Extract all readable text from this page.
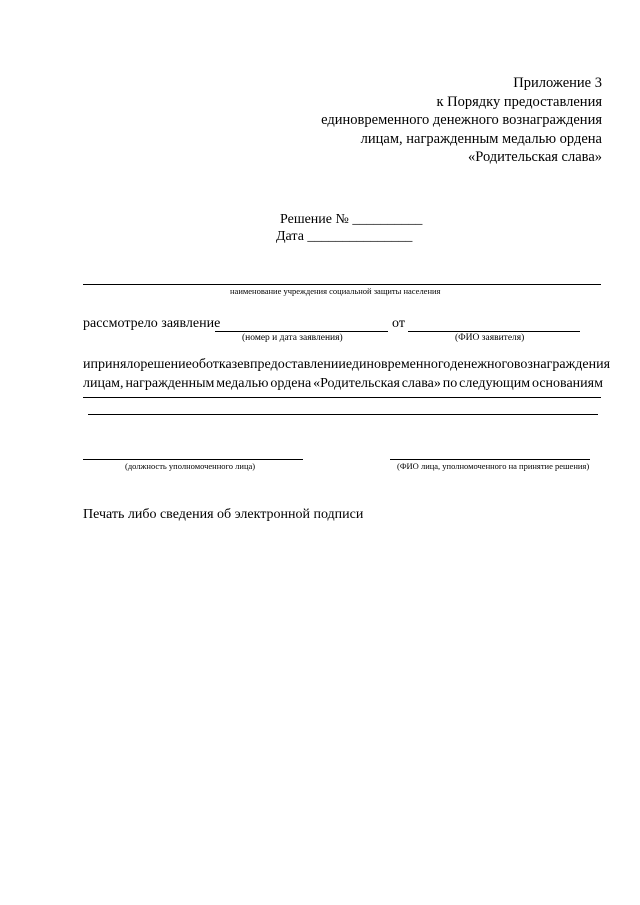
Приложение 3
к Порядку предоставления
единовременного денежного вознаграждения
лицам, награжденным медалью ордена
«Родительская слава»
Решение № __________
Дата _______________
наименование учреждения социальной защиты населения
рассмотрело заявление	от
(номер и дата заявления)	(ФИО заявителя)
и приняло решение об отказе в предоставлении единовременного денежного вознаграждения
лицам, награжденным медалью ордена «Родительская слава» по следующим основаниям
(должность уполномоченного лица)	(ФИО лица, уполномоченного на принятие решения)
Печать либо сведения об электронной подписи
